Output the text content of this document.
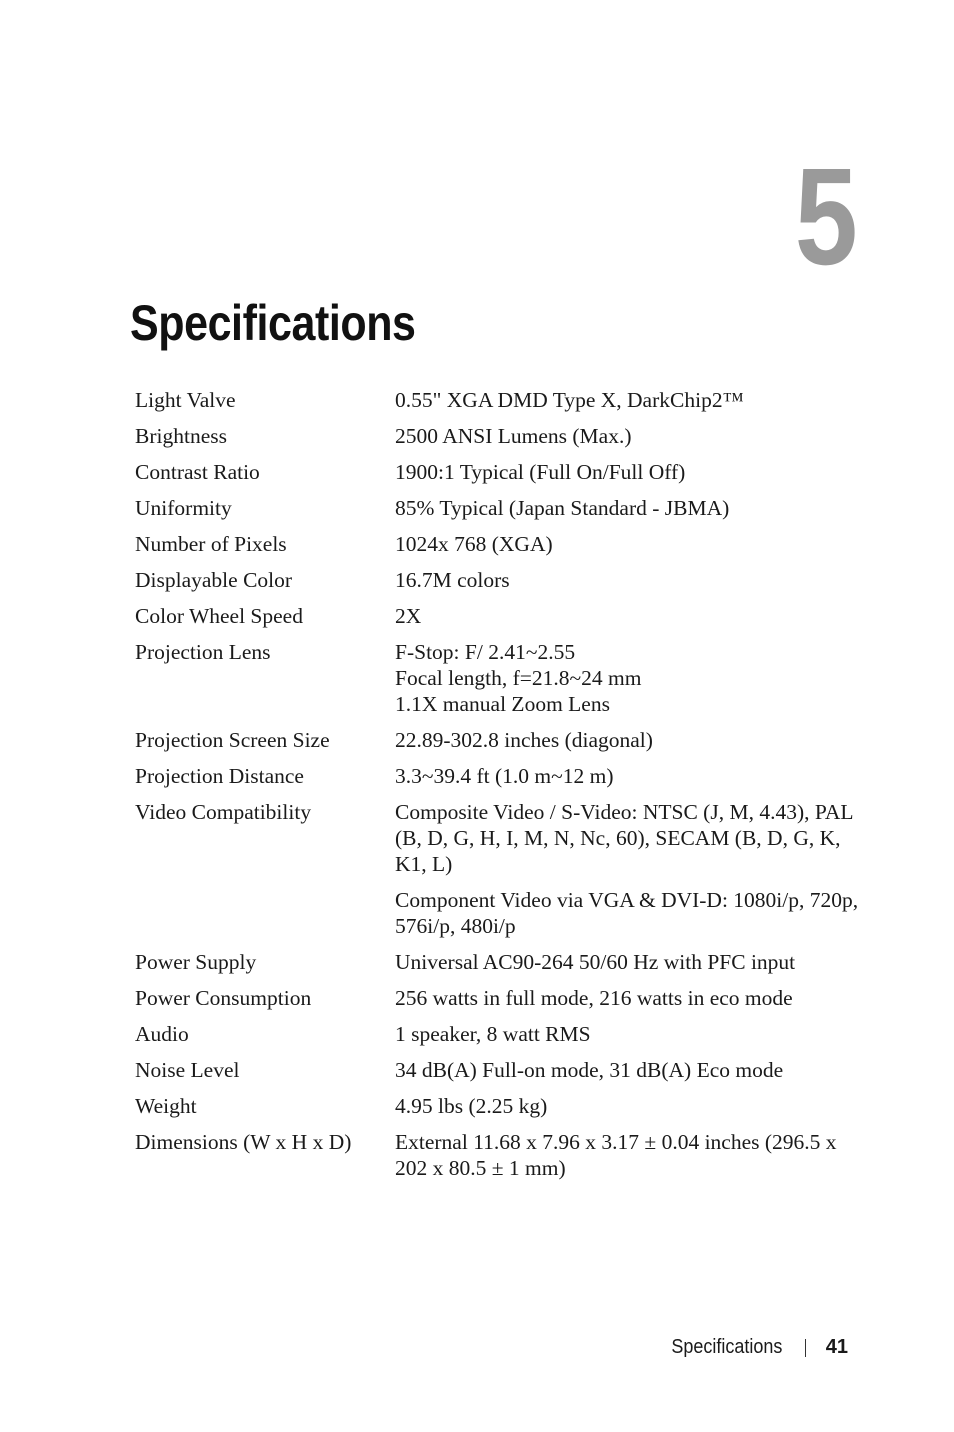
5
Specifications
Light Valve	0.55" XGA DMD Type X, DarkChip2™

Brightness	2500 ANSI Lumens (Max.)

Contrast Ratio	1900:1 Typical (Full On/Full Off)

Uniformity	85% Typical (Japan Standard - JBMA)

Number of Pixels	1024x 768 (XGA)

Displayable Color	16.7M colors

Color Wheel Speed	2X

Projection Lens	F-Stop: F/ 2.41~2.55
Focal length, f=21.8~24 mm
1.1X manual Zoom Lens

Projection Screen Size	22.89-302.8 inches (diagonal)

Projection Distance	3.3~39.4 ft (1.0 m~12 m)

Video Compatibility	Composite Video / S-Video: NTSC (J, M, 4.43), PAL (B, D, G, H, I, M, N, Nc, 60), SECAM (B, D, G, K, K1, L)

	Component Video via VGA & DVI-D: 1080i/p, 720p, 576i/p, 480i/p

Power Supply	Universal AC90-264 50/60 Hz with PFC input

Power Consumption	256 watts in full mode, 216 watts in eco mode

Audio	1 speaker, 8 watt RMS

Noise Level	34 dB(A) Full-on mode, 31 dB(A) Eco mode

Weight	4.95 lbs (2.25 kg)

Dimensions (W x H x D)	External 11.68 x 7.96 x 3.17 ± 0.04 inches (296.5 x 202 x 80.5 ± 1 mm)
Specifications 41
